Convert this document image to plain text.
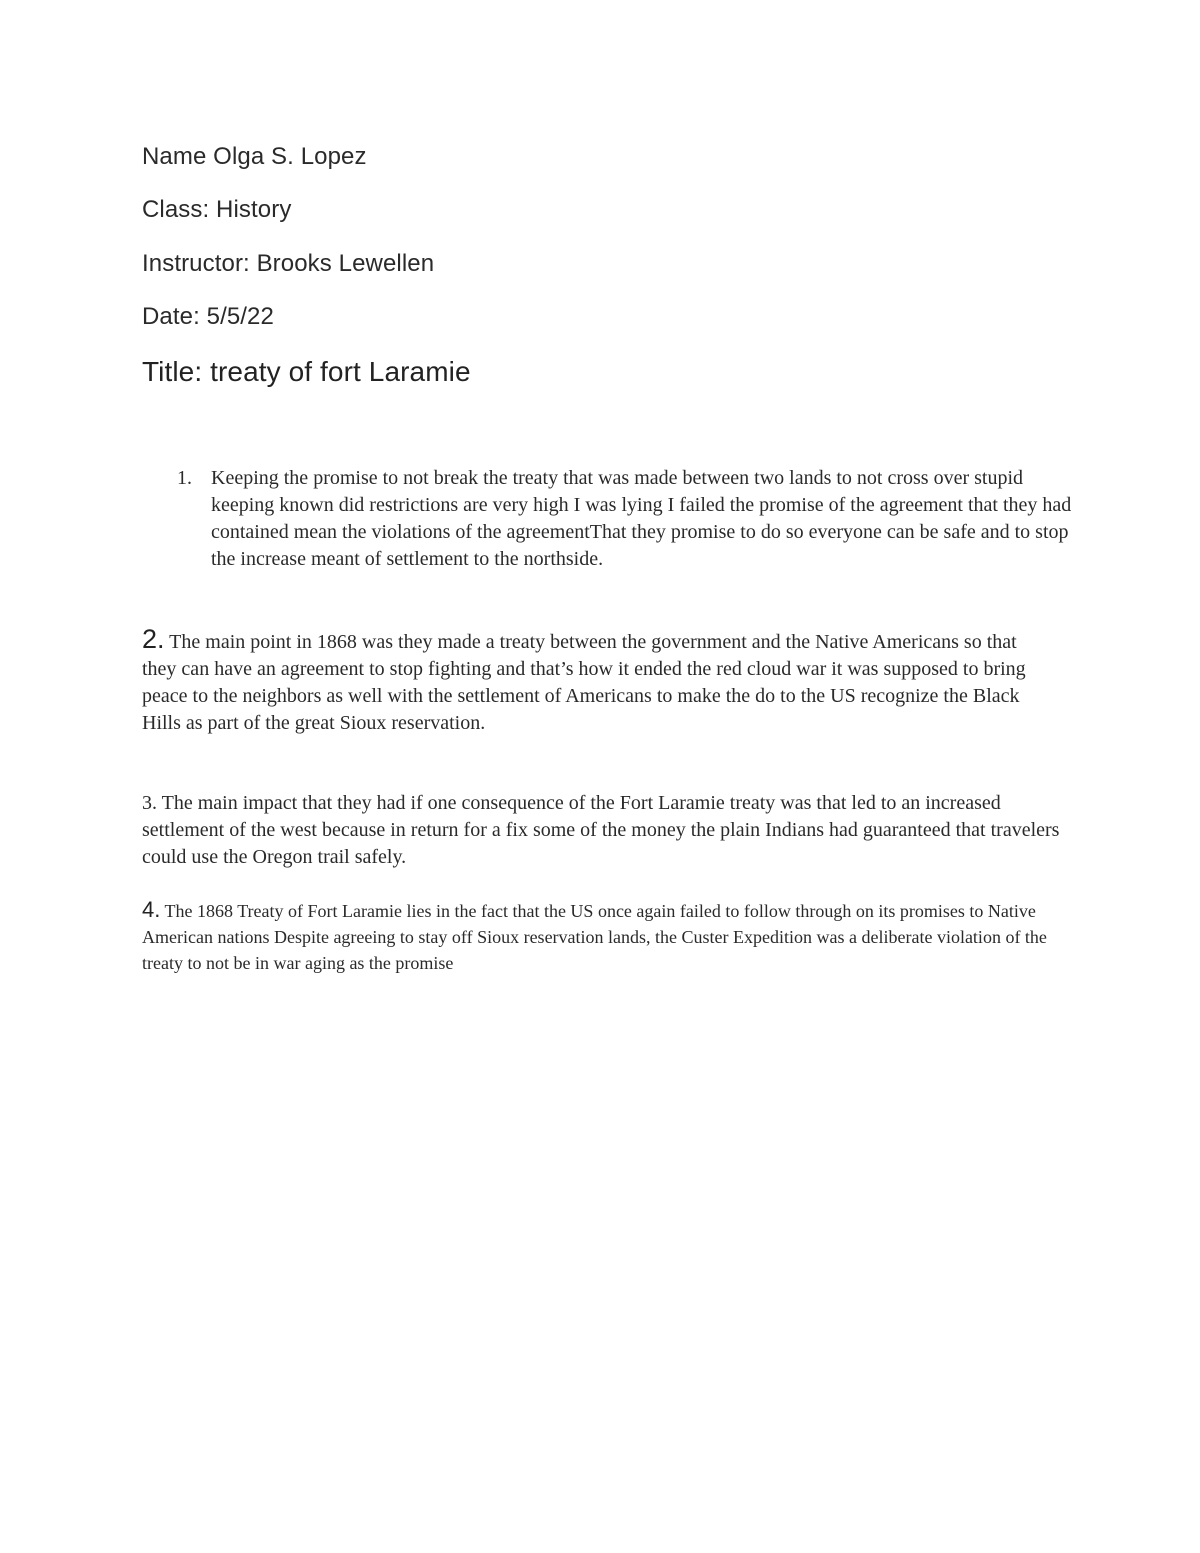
Name Olga S. Lopez
Class: History
Instructor: Brooks Lewellen
Date: 5/5/22
Title: treaty of fort Laramie
1. Keeping the promise to not break the treaty that was made between two lands to not cross over stupid keeping known did restrictions are very high I was lying I failed the promise of the agreement that they had contained mean the violations of the agreementThat they promise to do so everyone can be safe and to stop the increase meant of settlement to the northside.

2. The main point in 1868 was they made a treaty between the government and the Native Americans so that they can have an agreement to stop fighting and that’s how it ended the red cloud war it was supposed to bring peace to the neighbors as well with the settlement of Americans to make the do to the US recognize the Black Hills as part of the great Sioux reservation.

3. The main impact that they had if one consequence of the Fort Laramie treaty was that led to an increased settlement of the west because in return for a fix some of the money the plain Indians had guaranteed that travelers could use the Oregon trail safely.

4. The 1868 Treaty of Fort Laramie lies in the fact that the US once again failed to follow through on its promises to Native American nations Despite agreeing to stay off Sioux reservation lands, the Custer Expedition was a deliberate violation of the treaty to not be in war aging as the promise
